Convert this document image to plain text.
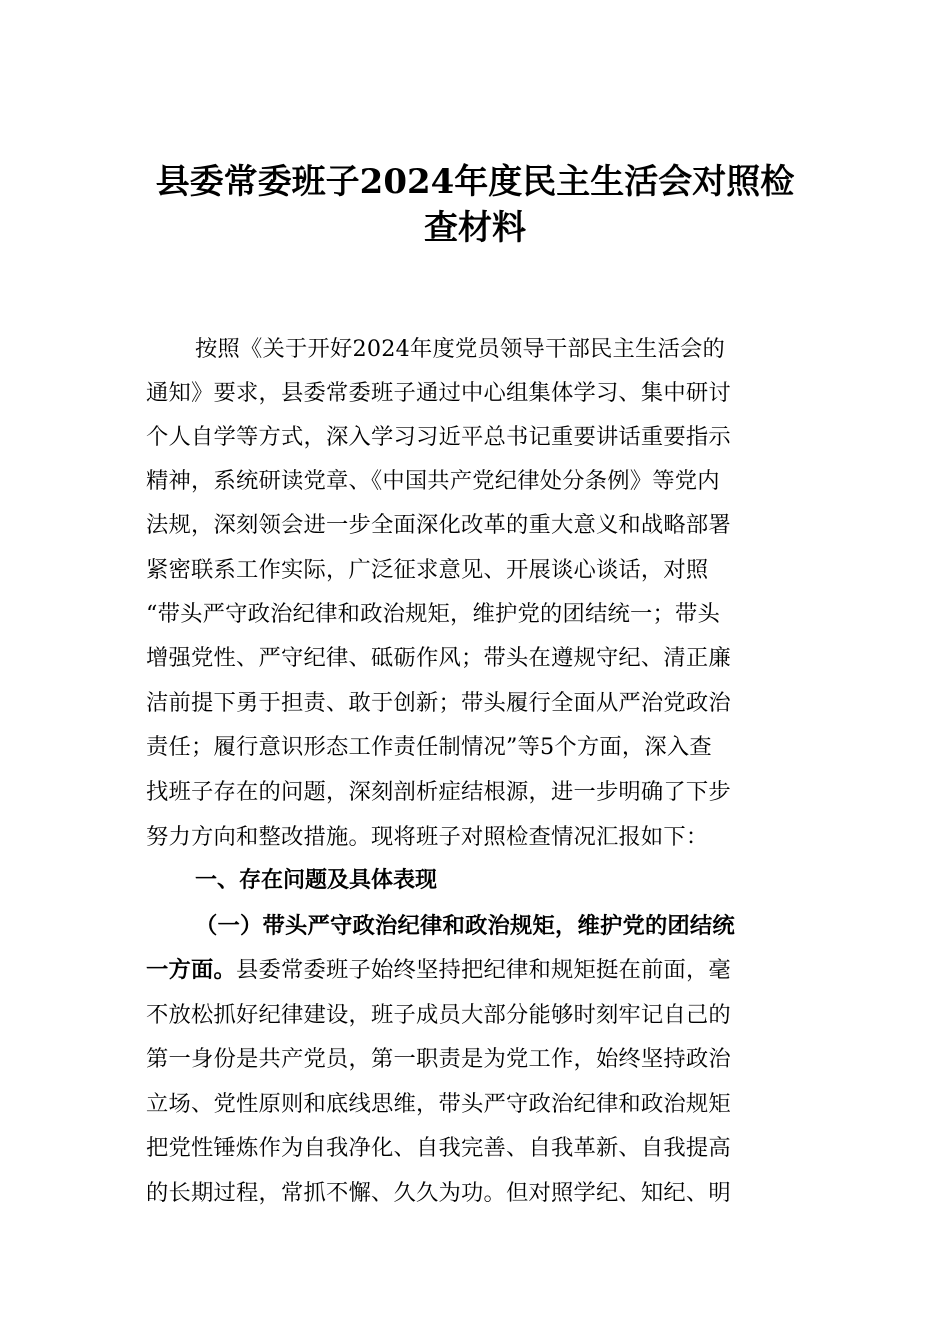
县委常委班子2024年度民主生活会对照检
查材料
按照《关于开好2024年度党员领导干部民主生活会的
通知》要求，县委常委班子通过中心组集体学习、集中研讨
个人自学等方式，深入学习习近平总书记重要讲话重要指示
精神，系统研读党章、《中国共产党纪律处分条例》等党内
法规，深刻领会进一步全面深化改革的重大意义和战略部署
紧密联系工作实际，广泛征求意见、开展谈心谈话，对照
“带头严守政治纪律和政治规矩，维护党的团结统一；带头
增强党性、严守纪律、砥砺作风；带头在遵规守纪、清正廉
洁前提下勇于担责、敢于创新；带头履行全面从严治党政治
责任；履行意识形态工作责任制情况”等5个方面，深入查
找班子存在的问题，深刻剖析症结根源，进一步明确了下步
努力方向和整改措施。现将班子对照检查情况汇报如下：
一、存在问题及具体表现
（一）带头严守政治纪律和政治规矩，维护党的团结统
一方面。县委常委班子始终坚持把纪律和规矩挺在前面，毫
不放松抓好纪律建设，班子成员大部分能够时刻牢记自己的
第一身份是共产党员，第一职责是为党工作，始终坚持政治
立场、党性原则和底线思维，带头严守政治纪律和政治规矩
把党性锤炼作为自我净化、自我完善、自我革新、自我提高
的长期过程，常抓不懈、久久为功。但对照学纪、知纪、明
